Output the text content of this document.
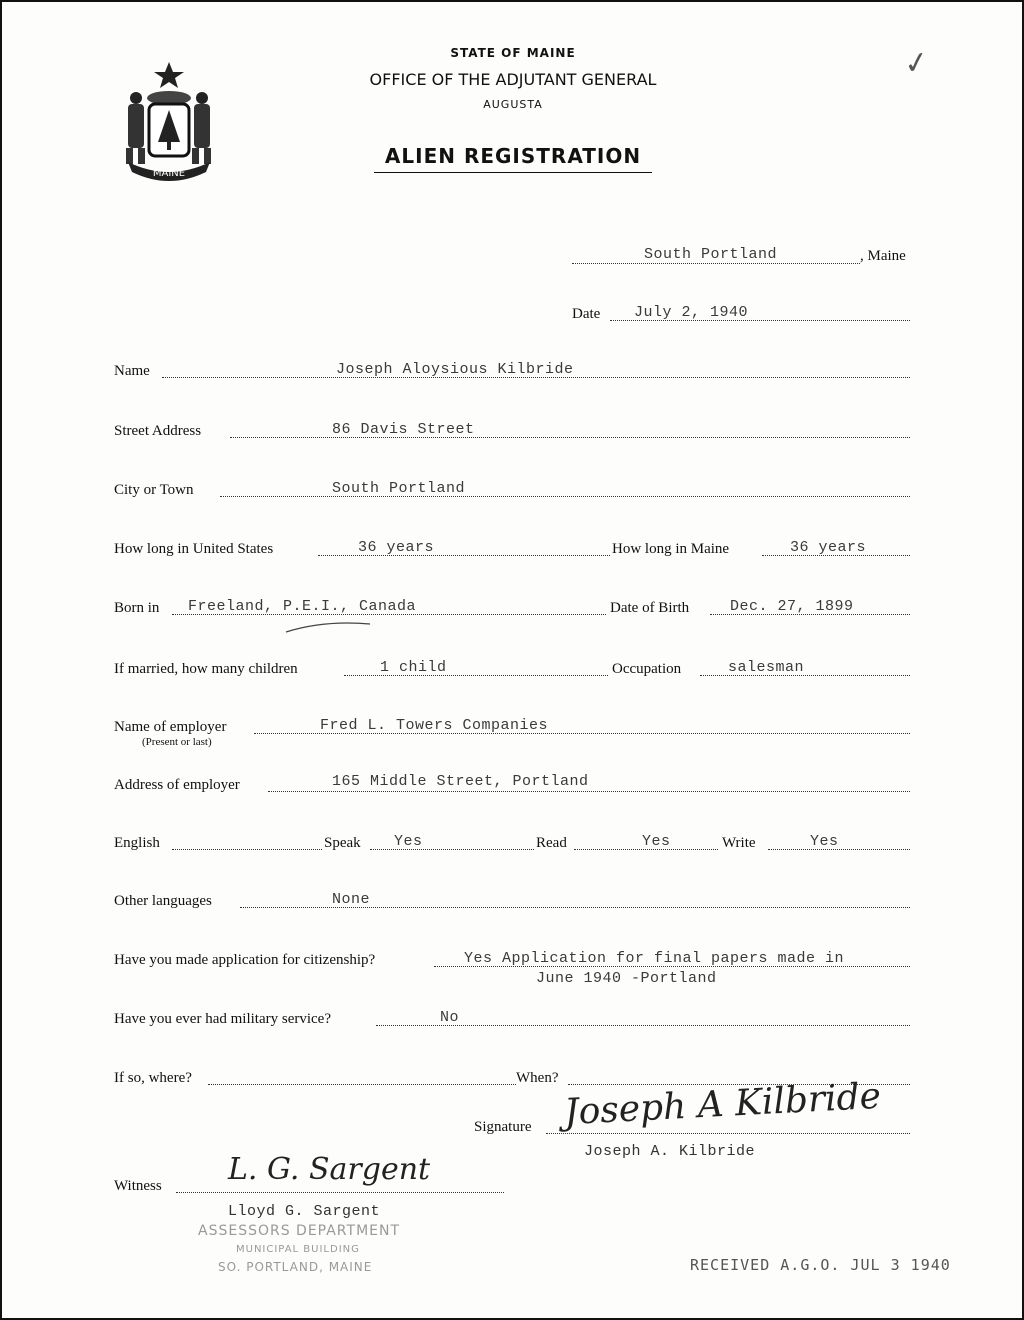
MAINE
STATE OF MAINE
OFFICE OF THE ADJUTANT GENERAL
AUGUSTA
ALIEN REGISTRATION
✓
South Portland	, Maine
Date July 2, 1940
Name	Joseph Aloysious Kilbride
Street Address	86 Davis Street
City or Town	South Portland
How long in United States	36 years	How long in Maine	36 years
Born in Freeland, P.E.I., Canada	Date of Birth	Dec. 27, 1899
If married, how many children	1 child	Occupation	salesman
Name of employer
(Present or last)
Fred L. Towers Companies
Address of employer	165 Middle Street, Portland
English	Speak Yes	Read	Yes	Write	Yes
Other languages	None
Have you made application for citizenship?	Yes Application for final papers made in
June 1940 -Portland
Have you ever had military service?	No
If so, where?	When?
Signature Joseph A Kilbride
Joseph A. Kilbride
Witness L. G. Sargent
Lloyd G. Sargent
ASSESSORS DEPARTMENT
MUNICIPAL BUILDING
SO. PORTLAND, MAINE	RECEIVED A.G.O. JUL 3 1940
